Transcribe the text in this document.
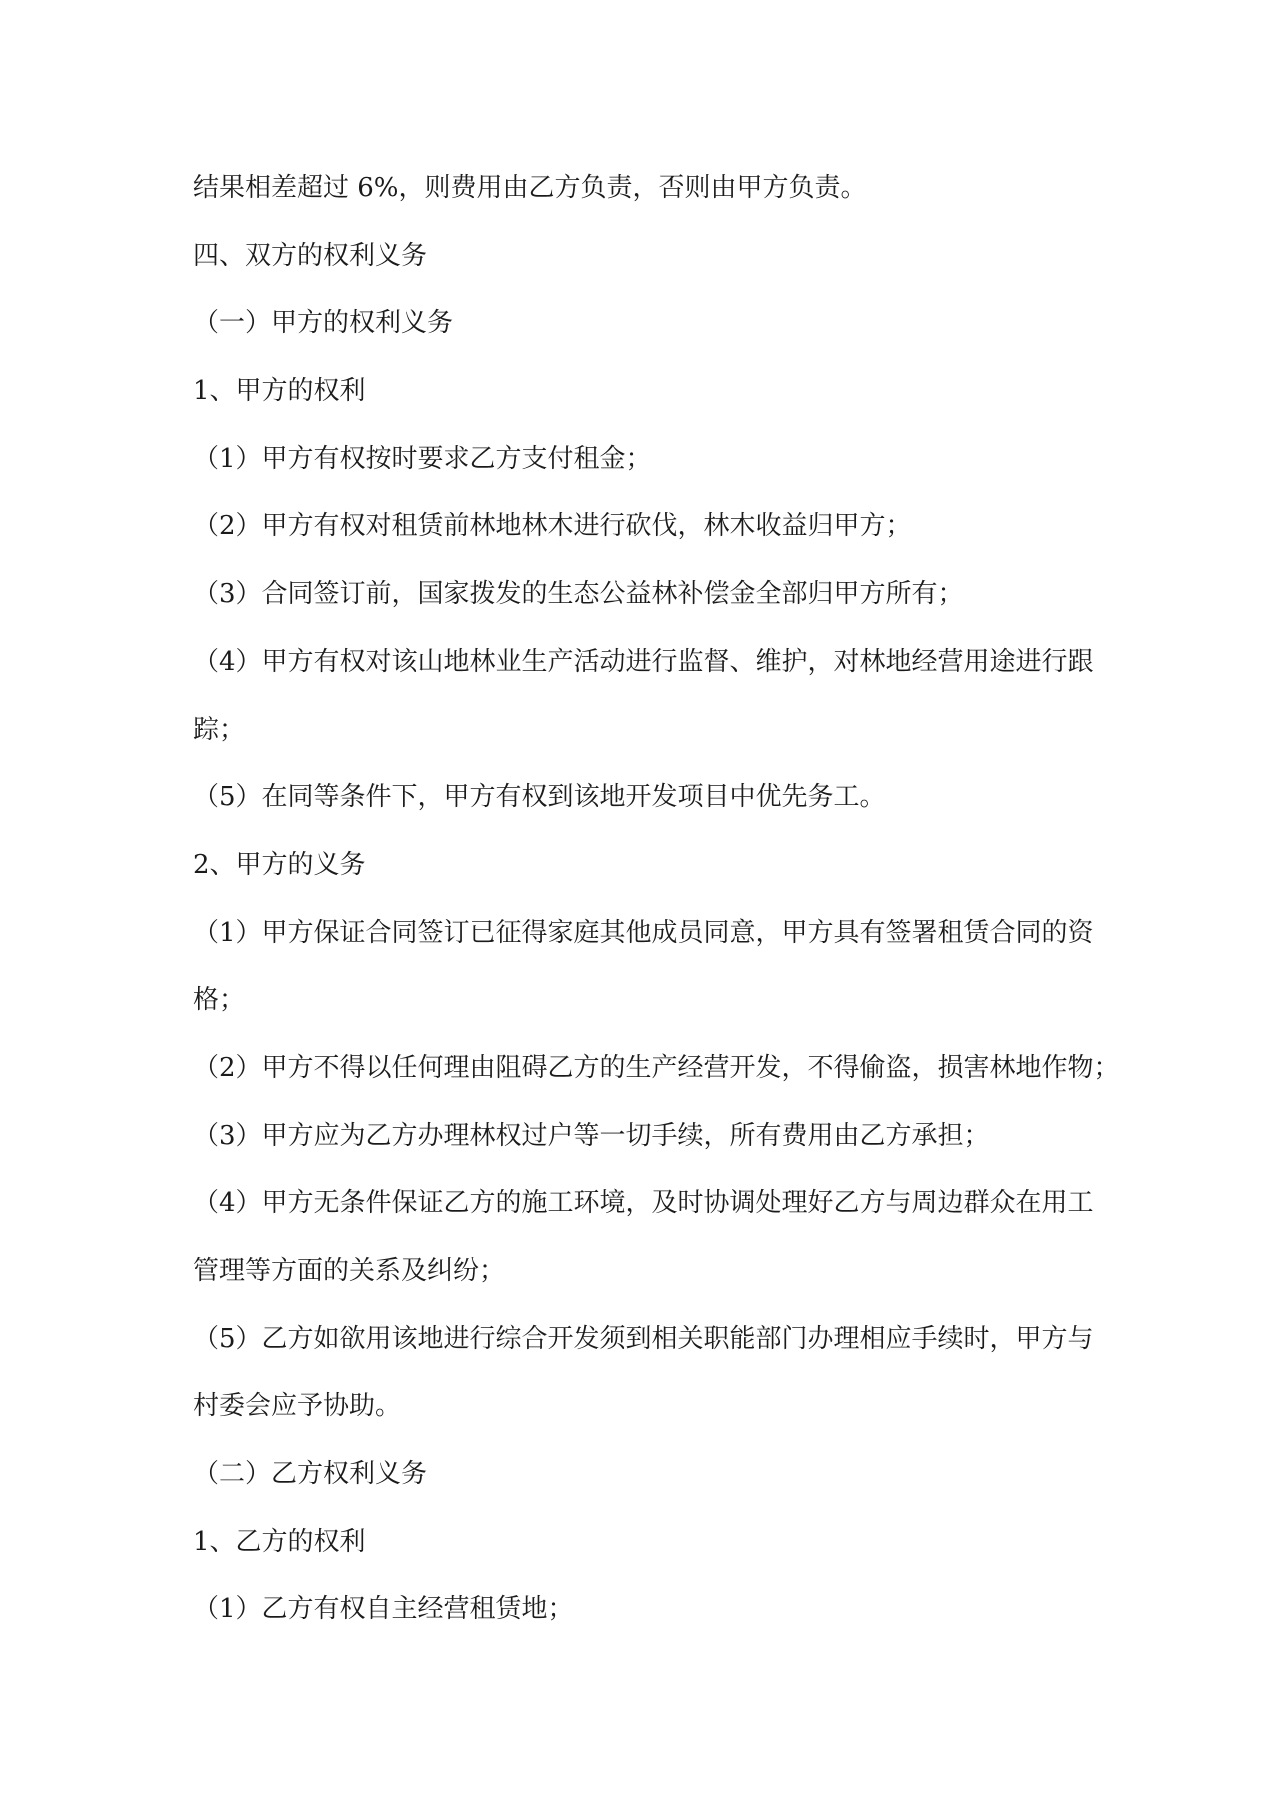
结果相差超过 6%，则费用由乙方负责，否则由甲方负责。

四、双方的权利义务
（一）甲方的权利义务
1、甲方的权利

（1）甲方有权按时要求乙方支付租金；

（2）甲方有权对租赁前林地林木进行砍伐，林木收益归甲方；

（3）合同签订前，国家拨发的生态公益林补偿金全部归甲方所有；

（4）甲方有权对该山地林业生产活动进行监督、维护，对林地经营用途进行跟
踪；

（5）在同等条件下，甲方有权到该地开发项目中优先务工。

2、甲方的义务

（1）甲方保证合同签订已征得家庭其他成员同意，甲方具有签署租赁合同的资
格；

（2）甲方不得以任何理由阻碍乙方的生产经营开发，不得偷盗，损害林地作物；

（3）甲方应为乙方办理林权过户等一切手续，所有费用由乙方承担；

（4）甲方无条件保证乙方的施工环境，及时协调处理好乙方与周边群众在用工
管理等方面的关系及纠纷；

（5）乙方如欲用该地进行综合开发须到相关职能部门办理相应手续时，甲方与
村委会应予协助。

（二）乙方权利义务
1、乙方的权利

（1）乙方有权自主经营租赁地；
